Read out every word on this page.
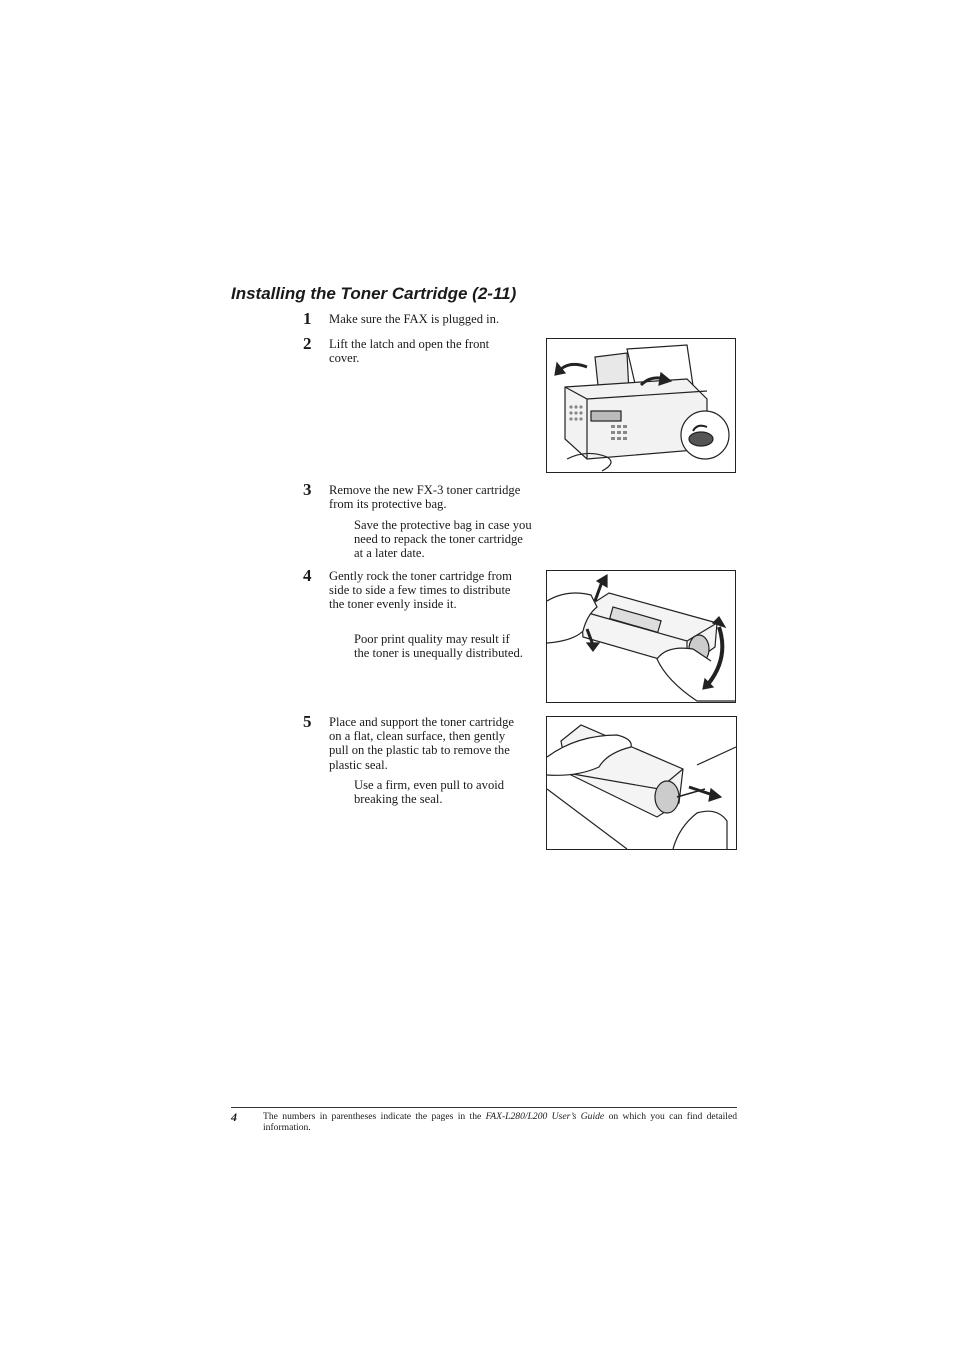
Installing the Toner Cartridge (2-11)
1 Make sure the FAX is plugged in.
2 Lift the latch and open the front cover.
3 Remove the new FX-3 toner cartridge from its protective bag.
Save the protective bag in case you need to repack the toner cartridge at a later date.
4 Gently rock the toner cartridge from side to side a few times to distribute the toner evenly inside it.
Poor print quality may result if the toner is unequally distributed.
5 Place and support the toner cartridge on a flat, clean surface, then gently pull on the plastic tab to remove the plastic seal.
Use a firm, even pull to avoid breaking the seal.
4	The numbers in parentheses indicate the pages in the FAX-L280/L200 User’s Guide on which you can find detailed information.
